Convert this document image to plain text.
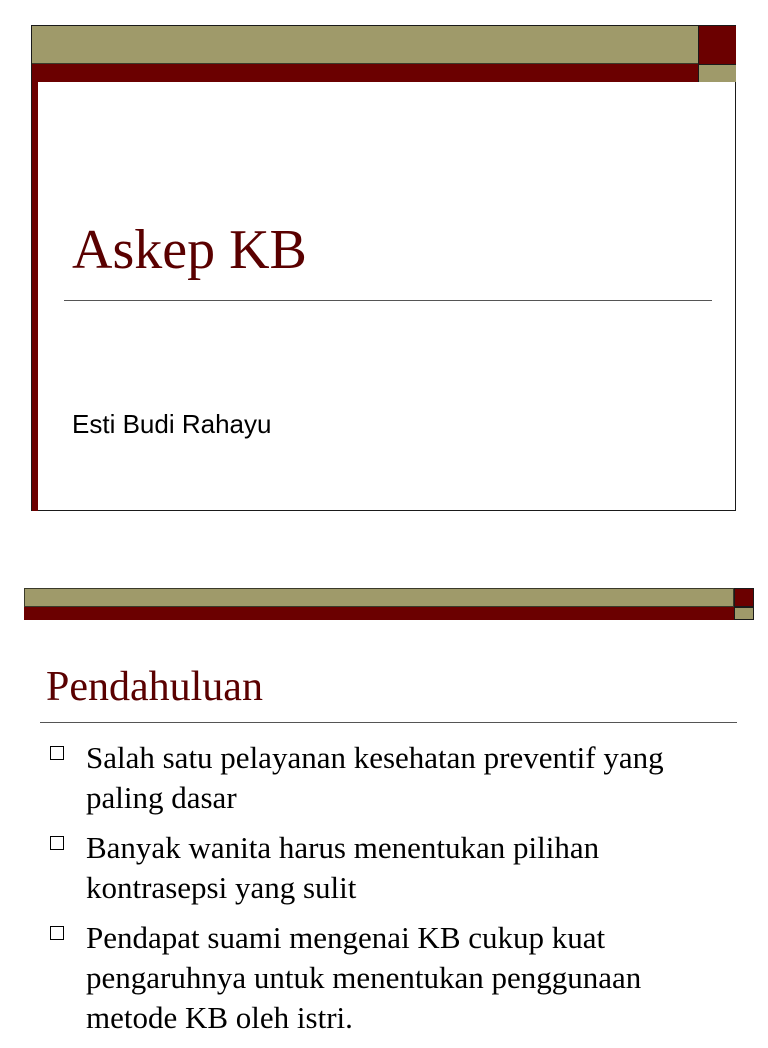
Askep KB
Esti Budi Rahayu
Pendahuluan
Salah satu pelayanan kesehatan preventif yang paling dasar
Banyak wanita harus menentukan pilihan kontrasepsi yang sulit
Pendapat suami mengenai KB cukup kuat pengaruhnya untuk menentukan penggunaan metode KB oleh istri.
